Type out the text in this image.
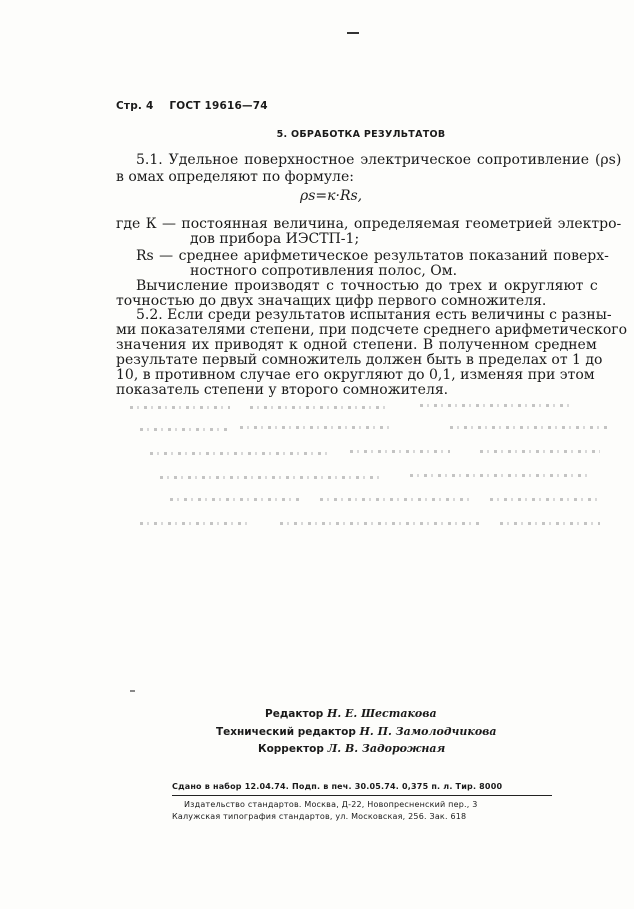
Стр. 4 ГОСТ 19616—74
5. ОБРАБОТКА РЕЗУЛЬТАТОВ
5.1. Удельное поверхностное электрическое сопротивление (ρs)
в омах определяют по формуле:
ρs=к·Rs,
где К — постоянная величина, определяемая геометрией электро-
дов прибора ИЭСТП-1;
Rs — среднее арифметическое результатов показаний поверх-
ностного сопротивления полос, Ом.
Вычисление производят с точностью до трех и округляют с
точностью до двух значащих цифр первого сомножителя.
5.2. Если среди результатов испытания есть величины с разны-
ми показателями степени, при подсчете среднего арифметического
значения их приводят к одной степени. В полученном среднем
результате первый сомножитель должен быть в пределах от 1 до
10, в противном случае его округляют до 0,1, изменяя при этом
показатель степени у второго сомножителя.
Редактор Н. Е. Шестакова
Технический редактор Н. П. Замолодчикова
Корректор Л. В. Задорожная
Сдано в набор 12.04.74. Подп. в печ. 30.05.74. 0,375 п. л. Тир. 8000
Издательство стандартов. Москва, Д-22, Новопресненский пер., 3
Калужская типография стандартов, ул. Московская, 256. Зак. 618
